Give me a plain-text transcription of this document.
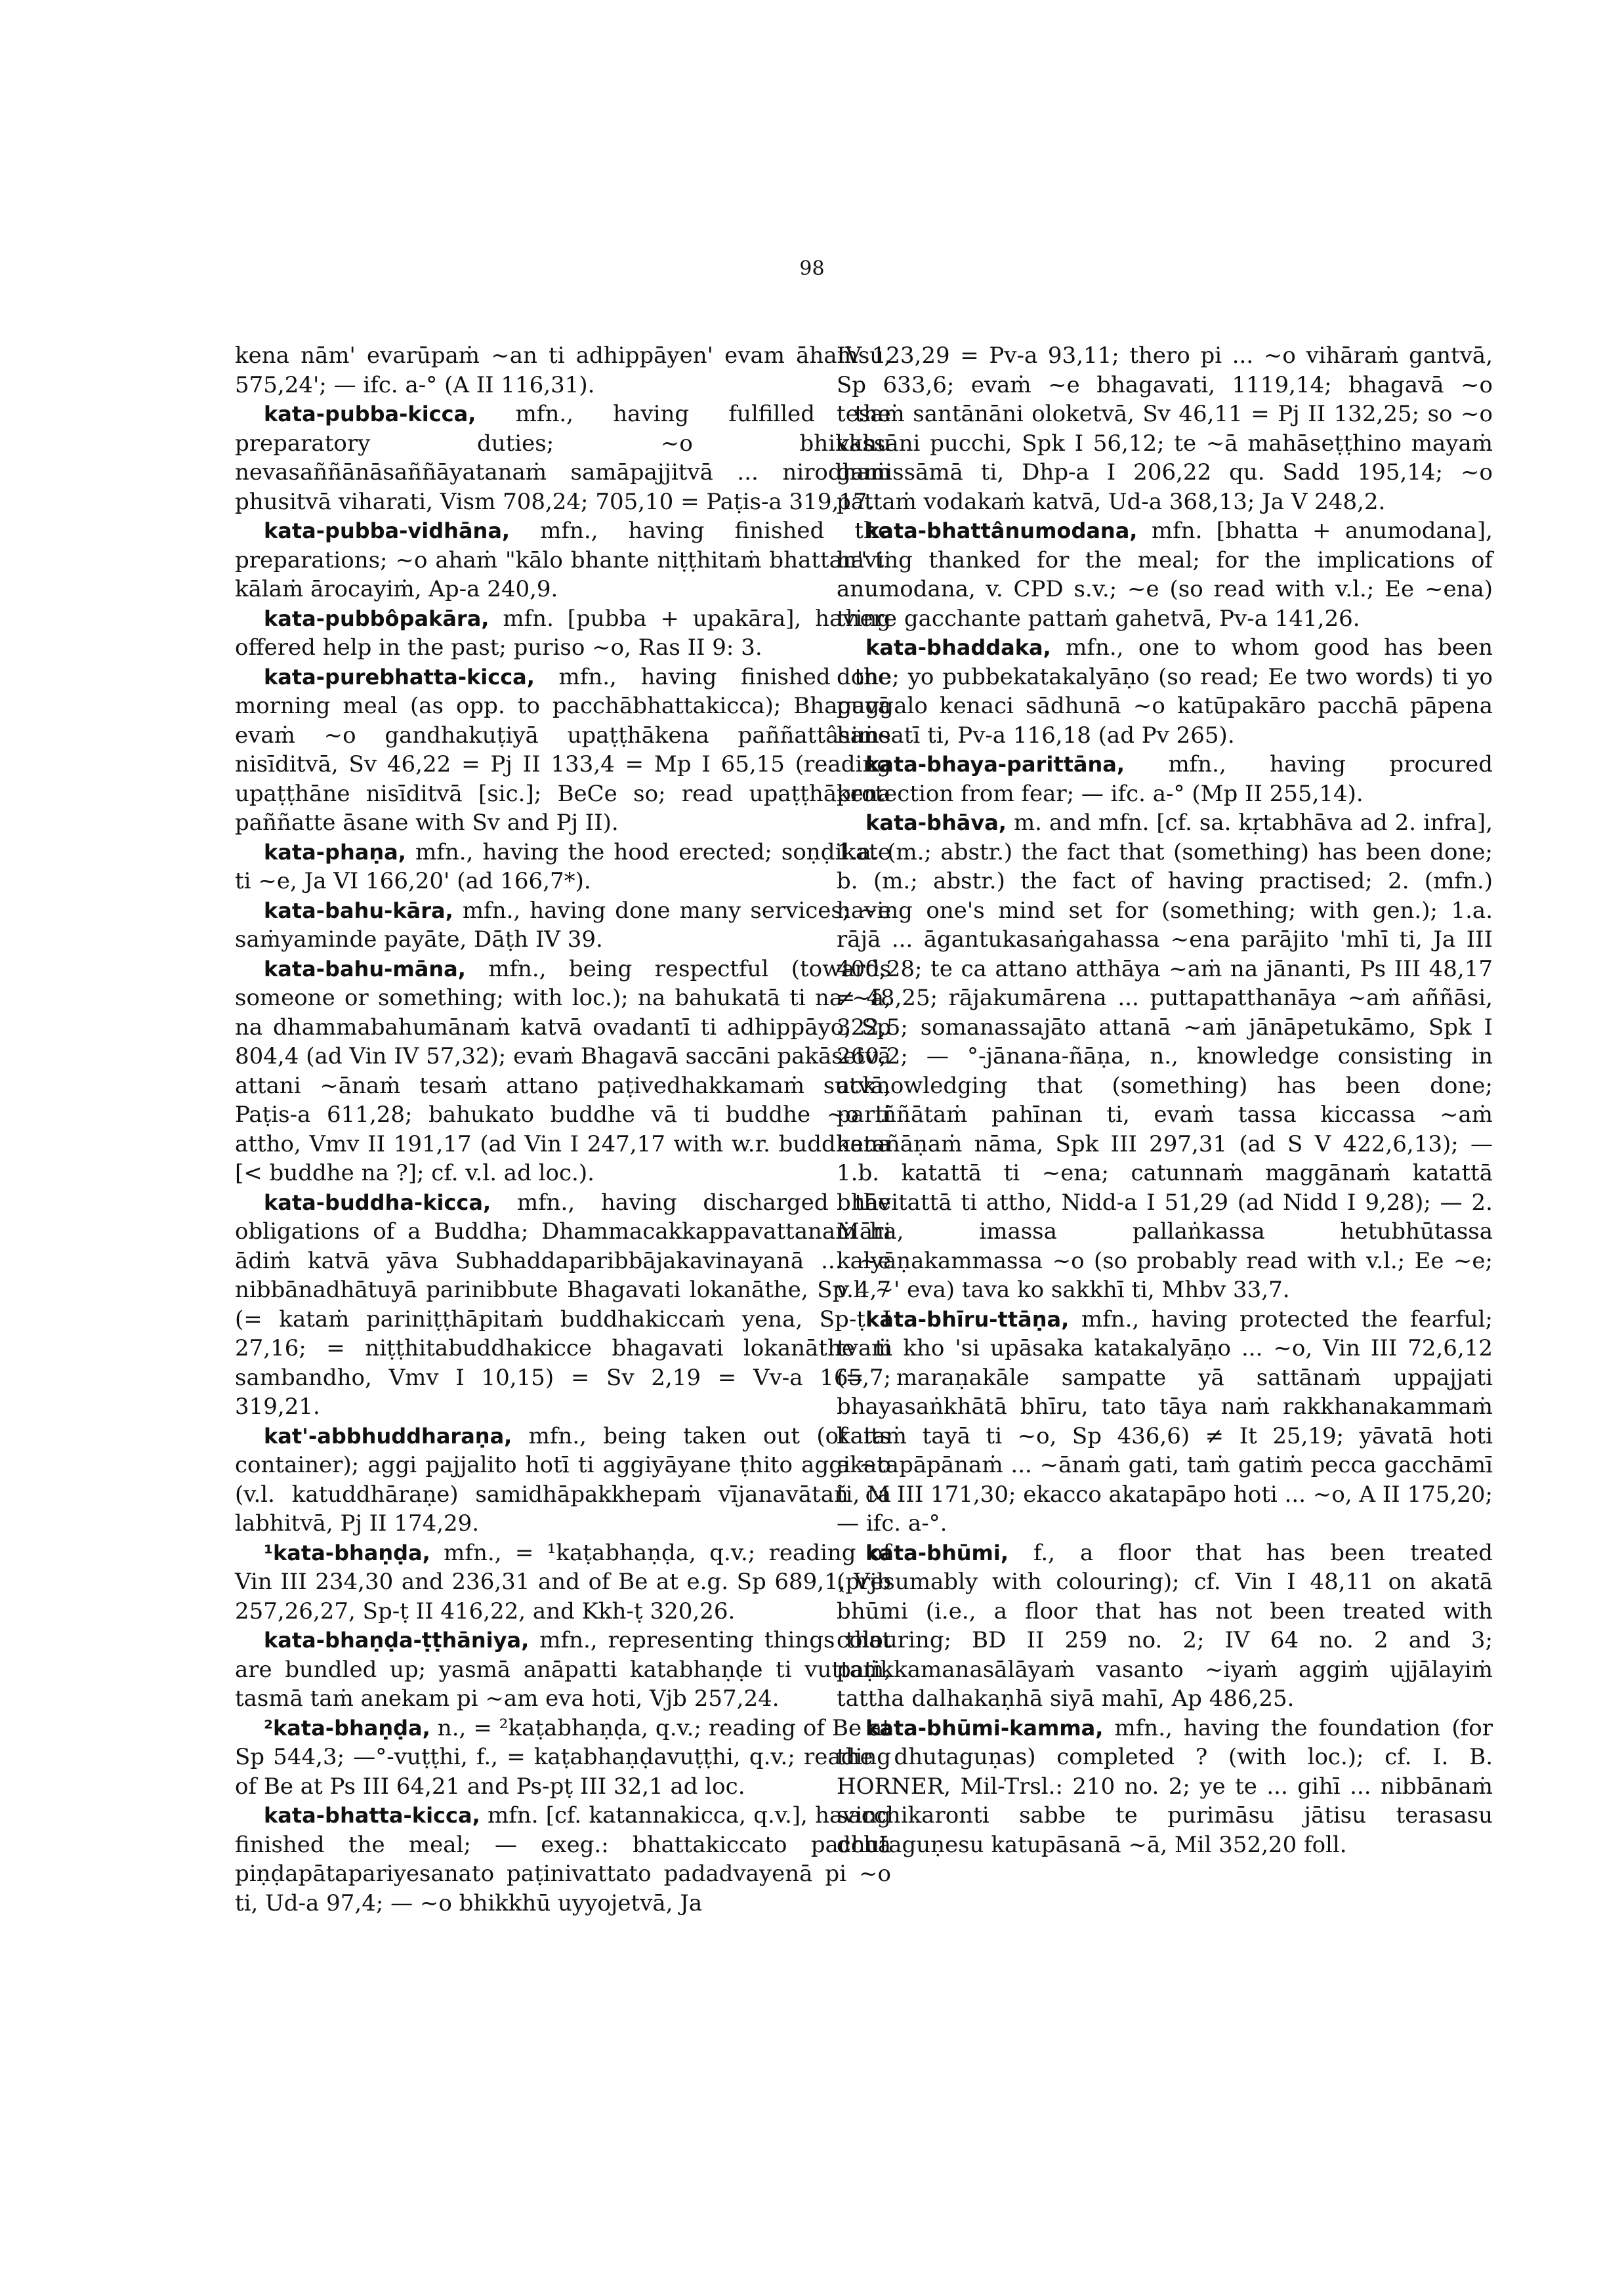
98

kena nām' evarūpaṁ ~an ti adhippāyen' evam āhaṁsu, 575,24'; — ifc. a-° (A II 116,31).

kata-pubba-kicca, mfn., having fulfilled the preparatory duties; ~o bhikkhu nevasaññānāsaññāyatanaṁ samāpajjitvā ... nirodhaṁ phusitvā viharati, Vism 708,24; 705,10 = Paṭis-a 319,17.

kata-pubba-vidhāna, mfn., having finished the preparations; ~o ahaṁ "kālo bhante niṭṭhitaṁ bhattan" ti kālaṁ ārocayiṁ, Ap-a 240,9.

kata-pubbôpakāra, mfn. [pubba + upakāra], having offered help in the past; puriso ~o, Ras II 9: 3.

kata-purebhatta-kicca, mfn., having finished the morning meal (as opp. to pacchābhattakicca); Bhagavā evaṁ ~o gandhakuṭiyā upaṭṭhākena paññattâsane nisīditvā, Sv 46,22 = Pj II 133,4 = Mp I 65,15 (reading upaṭṭhāne nisīditvā [sic.]; BeCe so; read upaṭṭhākena paññatte āsane with Sv and Pj II).

kata-phaṇa, mfn., having the hood erected; soṇḍikate ti ~e, Ja VI 166,20' (ad 166,7*).

kata-bahu-kāra, mfn., having done many services; ~e saṁyaminde payāte, Dāṭh IV 39.

kata-bahu-māna, mfn., being respectful (towards someone or something; with loc.); na bahukatā ti na ~ā, na dhammabahumānaṁ katvā ovadantī ti adhippāyo, Sp 804,4 (ad Vin IV 57,32); evaṁ Bhagavā saccāni pakāsetvā attani ~ānaṁ tesaṁ attano paṭivedhakkamaṁ sutvā, Paṭis-a 611,28; bahukato buddhe vā ti buddhe ~o ti attho, Vmv II 191,17 (ad Vin I 247,17 with w.r. buddhena [< buddhe na ?]; cf. v.l. ad loc.).

kata-buddha-kicca, mfn., having discharged the obligations of a Buddha; Dhammacakkappavattanaṁ hi ādiṁ katvā yāva Subhaddaparibbājakavinayanā ... ~e nibbānadhātuyā parinibbute Bhagavati lokanāthe, Sp 4,7 (= kataṁ pariniṭṭhāpitaṁ buddhakiccaṁ yena, Sp-ṭ I 27,16; = niṭṭhitabuddhakicce bhagavati lokanāthe ti sambandho, Vmv I 10,15) = Sv 2,19 = Vv-a 165,7; 319,21.

kat'-abbhuddharaṇa, mfn., being taken out (of its container); aggi pajjalito hotī ti aggiyāyane ṭhito aggi ~o (v.l. katuddhāraṇe) samidhāpakkhepaṁ vījanavātañ ca labhitvā, Pj II 174,29.

¹kata-bhaṇḍa, mfn., = ¹kaṭabhaṇḍa, q.v.; reading of Vin III 234,30 and 236,31 and of Be at e.g. Sp 689,1, Vjb 257,26,27, Sp-ṭ II 416,22, and Kkh-ṭ 320,26.

kata-bhaṇḍa-ṭṭhāniya, mfn., representing things that are bundled up; yasmā anāpatti katabhaṇḍe ti vuttaṁ, tasmā taṁ anekam pi ~am eva hoti, Vjb 257,24.

²kata-bhaṇḍa, n., = ²kaṭabhaṇḍa, q.v.; reading of Be at Sp 544,3; —°-vuṭṭhi, f., = kaṭabhaṇḍavuṭṭhi, q.v.; reading of Be at Ps III 64,21 and Ps-pṭ III 32,1 ad loc.

kata-bhatta-kicca, mfn. [cf. katannakicca, q.v.], having finished the meal; — exeg.: bhattakiccato pacchā piṇḍapātapariyesanato paṭinivattato padadvayenā pi ~o ti, Ud-a 97,4; — ~o bhikkhū uyyojetvā, Ja

IV 123,29 = Pv-a 93,11; thero pi ... ~o vihāraṁ gantvā, Sp 633,6; evaṁ ~e bhagavati, 1119,14; bhagavā ~o tesaṁ santānāni oloketvā, Sv 46,11 = Pj II 132,25; so ~o vassāni pucchi, Spk I 56,12; te ~ā mahāseṭṭhino mayaṁ gamissāmā ti, Dhp-a I 206,22 qu. Sadd 195,14; ~o pattaṁ vodakaṁ katvā, Ud-a 368,13; Ja V 248,2.

kata-bhattânumodana, mfn. [bhatta + anumodana], having thanked for the meal; for the implications of anumodana, v. CPD s.v.; ~e (so read with v.l.; Ee ~ena) there gacchante pattaṁ gahetvā, Pv-a 141,26.

kata-bhaddaka, mfn., one to whom good has been done; yo pubbekatakalyāṇo (so read; Ee two words) ti yo puggalo kenaci sādhunā ~o katūpakāro pacchā pāpena hiṁsatī ti, Pv-a 116,18 (ad Pv 265).

kata-bhaya-parittāna, mfn., having procured protection from fear; — ifc. a-° (Mp II 255,14).

kata-bhāva, m. and mfn. [cf. sa. kṛtabhāva ad 2. infra], 1.a. (m.; abstr.) the fact that (something) has been done; b. (m.; abstr.) the fact of having practised; 2. (mfn.) having one's mind set for (something; with gen.); 1.a. rājā ... āgantukasaṅgahassa ~ena parājito 'mhī ti, Ja III 400,28; te ca attano atthāya ~aṁ na jānanti, Ps III 48,17 ≠ 48,25; rājakumārena ... puttapatthanāya ~aṁ aññāsi, 322,5; somanassajāto attanā ~aṁ jānāpetukāmo, Spk I 260,2; — °-jānana-ñāṇa, n., knowledge consisting in acknowledging that (something) has been done; pariññātaṁ pahīnan ti, evaṁ tassa kiccassa ~aṁ katañāṇaṁ nāma, Spk III 297,31 (ad S V 422,6,13); — 1.b. katattā ti ~ena; catunnaṁ maggānaṁ katattā bhāvitattā ti attho, Nidd-a I 51,29 (ad Nidd I 9,28); — 2. Māra, imassa pallaṅkassa hetubhūtassa kalyāṇakammassa ~o (so probably read with v.l.; Ee ~e; v.l. ~' eva) tava ko sakkhī ti, Mhbv 33,7.

kata-bhīru-ttāṇa, mfn., having protected the fearful; tvaṁ kho 'si upāsaka katakalyāṇo ... ~o, Vin III 72,6,12 (= maraṇakāle sampatte yā sattānaṁ uppajjati bhayasaṅkhātā bhīru, tato tāya naṁ rakkhanakammaṁ kataṁ tayā ti ~o, Sp 436,6) ≠ It 25,19; yāvatā hoti akatapāpānaṁ ... ~ānaṁ gati, taṁ gatiṁ pecca gacchāmī ti, M III 171,30; ekacco akatapāpo hoti ... ~o, A II 175,20; — ifc. a-°.

kata-bhūmi, f., a floor that has been treated (presumably with colouring); cf. Vin I 48,11 on akatā bhūmi (i.e., a floor that has not been treated with colouring; BD II 259 no. 2; IV 64 no. 2 and 3; paṭikkamanasālāyaṁ vasanto ~iyaṁ aggiṁ ujjālayiṁ tattha dalhakaṇhā siyā mahī, Ap 486,25.

kata-bhūmi-kamma, mfn., having the foundation (for the dhutaguṇas) completed ? (with loc.); cf. I. B. HORNER, Mil-Trsl.: 210 no. 2; ye te ... gihī ... nibbānaṁ sacchikaronti sabbe te purimāsu jātisu terasasu dhutaguṇesu katupāsanā ~ā, Mil 352,20 foll.
